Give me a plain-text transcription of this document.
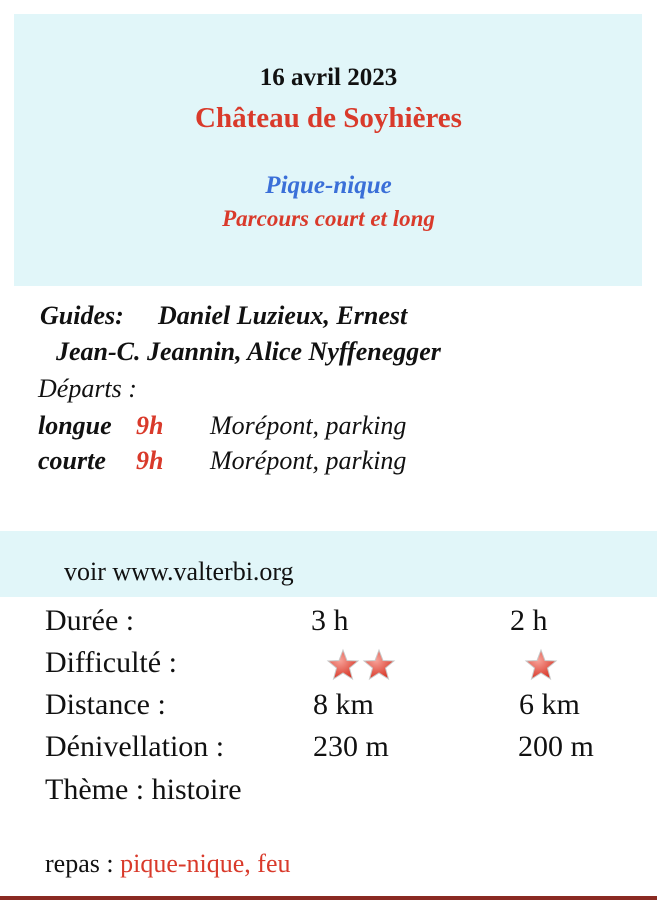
16 avril 2023
Château de Soyhières
Pique-nique
Parcours court et long
Guides: Daniel Luzieux, Ernest
Jean-C. Jeannin, Alice Nyffenegger
Départs :
longue 9h Morépont, parking
courte 9h Morépont, parking
voir www.valterbi.org
Durée :	3 h	2 h
Difficulté :
Distance :	8 km	6 km
Dénivellation :	230 m	200 m
Thème : histoire
repas : pique-nique, feu
